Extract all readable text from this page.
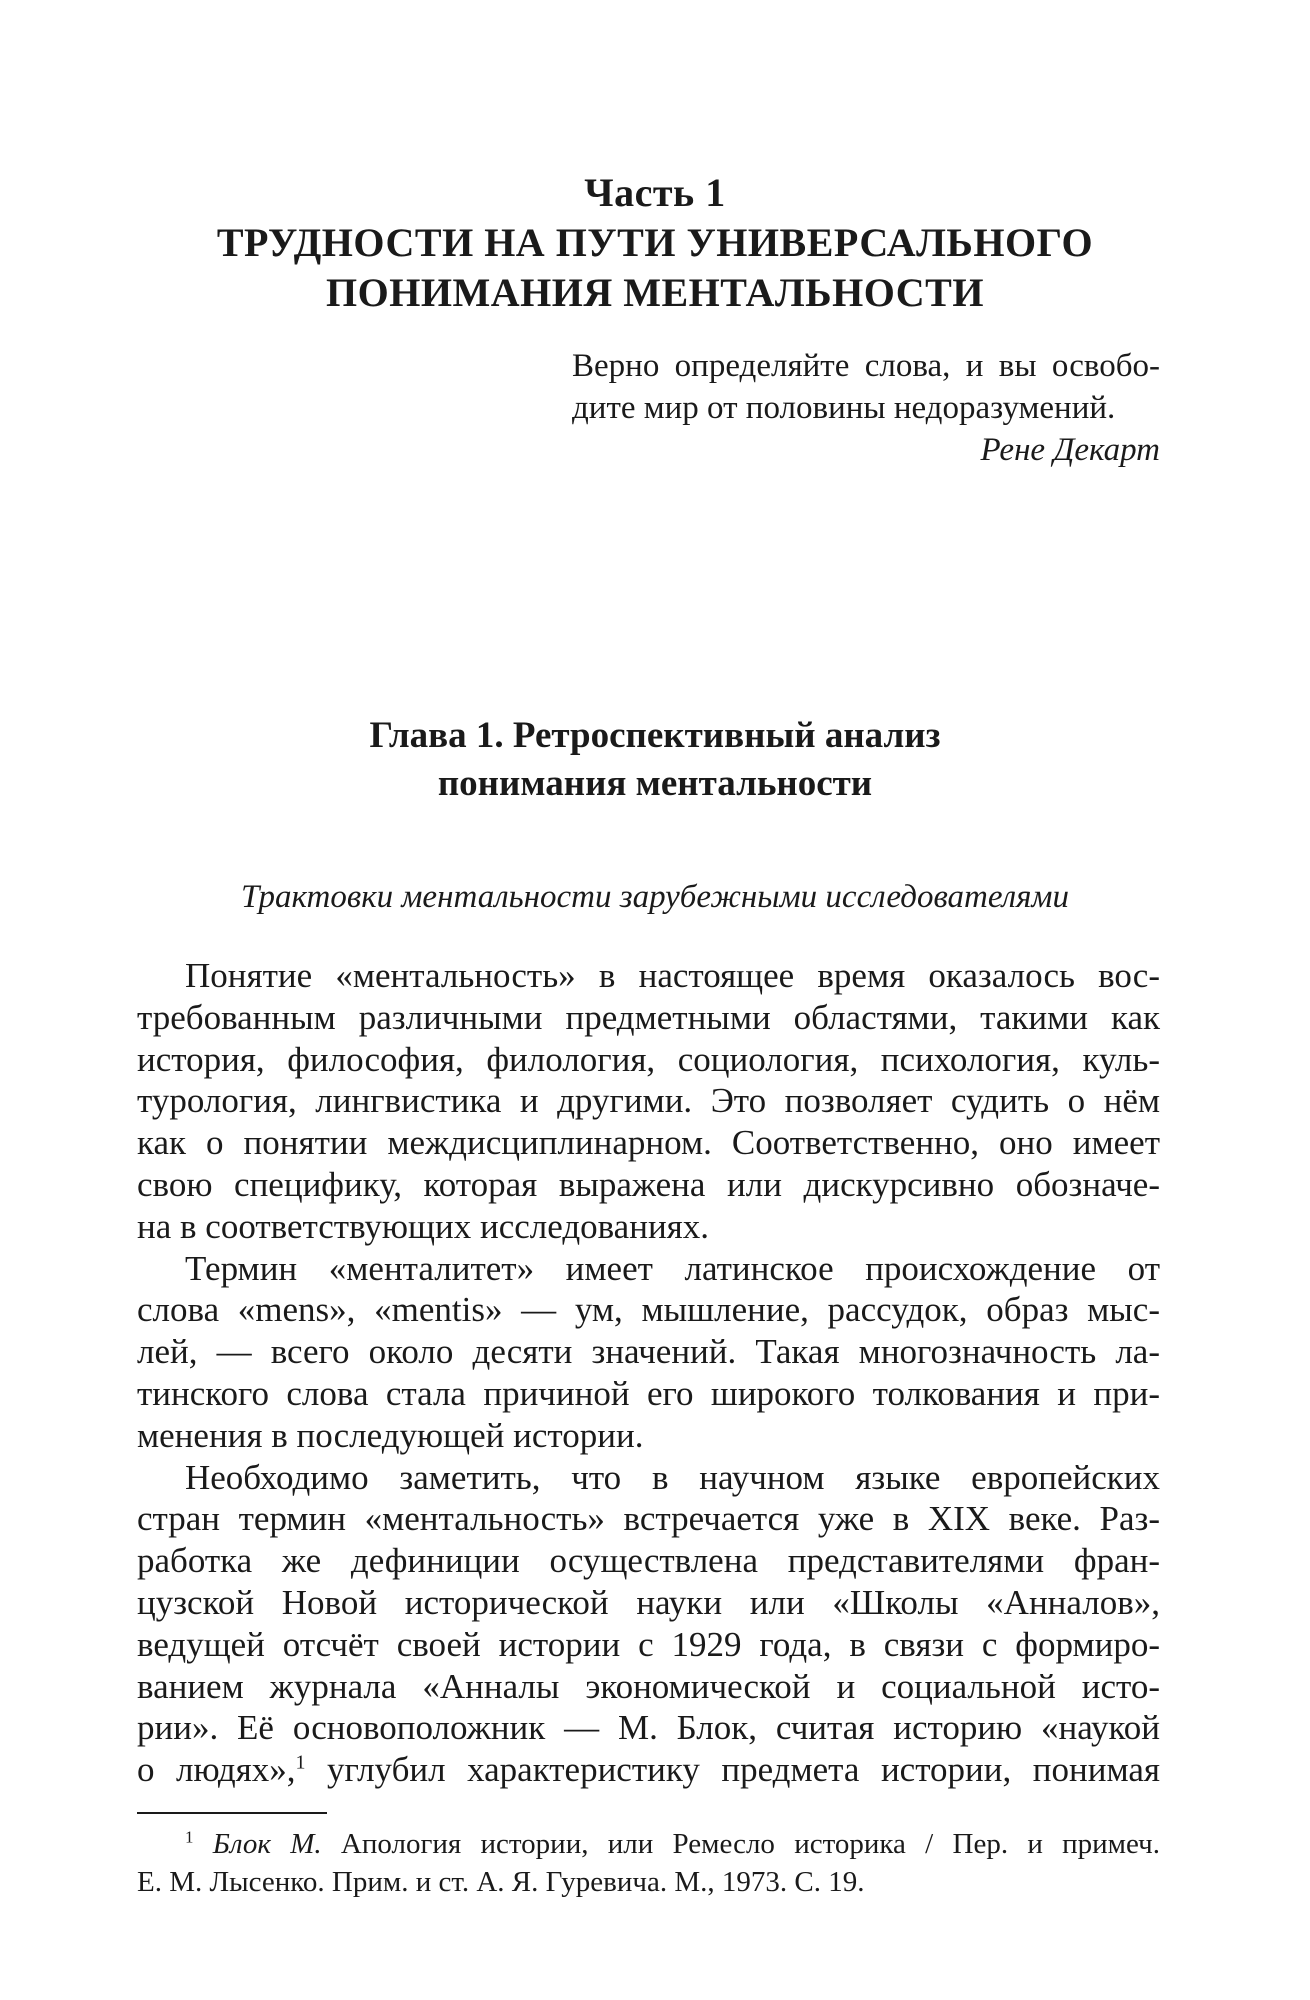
Часть 1
ТРУДНОСТИ НА ПУТИ УНИВЕРСАЛЬНОГО
ПОНИМАНИЯ МЕНТАЛЬНОСТИ
Верно определяйте слова, и вы освобо-
дите мир от половины недоразумений.
Рене Декарт
Глава 1. Ретроспективный анализ
понимания ментальности
Трактовки ментальности зарубежными исследователями
Понятие «ментальность» в настоящее время оказалось вос-
требованным различными предметными областями, такими как
история, философия, филология, социология, психология, куль-
турология, лингвистика и другими. Это позволяет судить о нём
как о понятии междисциплинарном. Соответственно, оно имеет
свою специфику, которая выражена или дискурсивно обозначе-
на в соответствующих исследованиях.
Термин «менталитет» имеет латинское происхождение от
слова «mens», «mentis» — ум, мышление, рассудок, образ мыс-
лей, — всего около десяти значений. Такая многозначность ла-
тинского слова стала причиной его широкого толкования и при-
менения в последующей истории.
Необходимо заметить, что в научном языке европейских
стран термин «ментальность» встречается уже в XIX веке. Раз-
работка же дефиниции осуществлена представителями фран-
цузской Новой исторической науки или «Школы «Анналов»,
ведущей отсчёт своей истории с 1929 года, в связи с формиро-
ванием журнала «Анналы экономической и социальной исто-
рии». Её основоположник — М. Блок, считая историю «наукой
о людях»,$^1$ углубил характеристику предмета истории, понимая
$^1$ Блок М. Апология истории, или Ремесло историка / Пер. и примеч.
Е. М. Лысенко. Прим. и ст. А. Я. Гуревича. М., 1973. С. 19.
